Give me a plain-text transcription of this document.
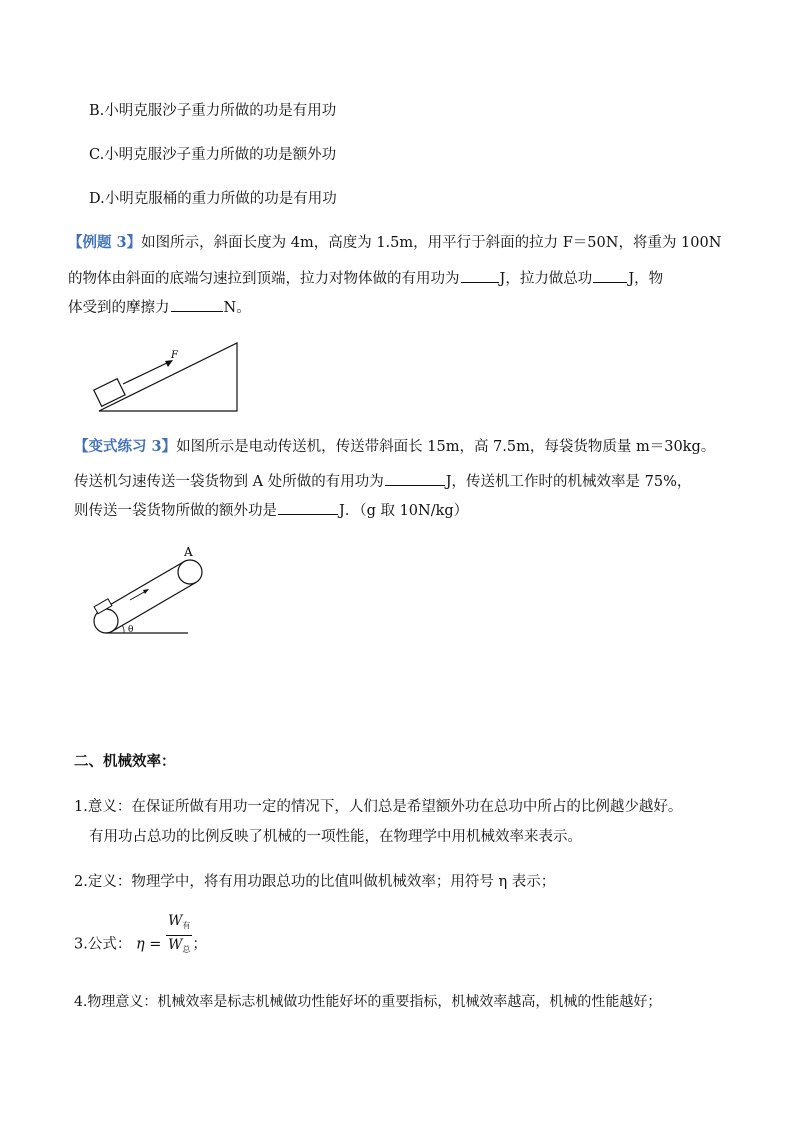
B.小明克服沙子重力所做的功是有用功
C.小明克服沙子重力所做的功是额外功
D.小明克服桶的重力所做的功是有用功
【例题 3】如图所示，斜面长度为 4m，高度为 1.5m，用平行于斜面的拉力 F＝50N，将重为 100N
的物体由斜面的底端匀速拉到顶端，拉力对物体做的有用功为	J，拉力做总功 J，物
体受到的摩擦力	N。
F
【变式练习 3】如图所示是电动传送机，传送带斜面长 15m，高 7.5m，每袋货物质量 m＝30kg。
传送机匀速传送一袋货物到 A 处所做的有用功为	J，传送机工作时的机械效率是 75%，
则传送一袋货物所做的额外功是	J．（g 取 10N/kg）
θ
A
二、机械效率：
1.意义：在保证所做有用功一定的情况下，人们总是希望额外功在总功中所占的比例越少越好。
有用功占总功的比例反映了机械的一项性能，在物理学中用机械效率来表示。
2.定义：物理学中，将有用功跟总功的比值叫做机械效率；用符号 η 表示；
3.公式： $\eta = \frac{W_有}{W_总}$ ；
4.物理意义：机械效率是标志机械做功性能好坏的重要指标，机械效率越高，机械的性能越好；
